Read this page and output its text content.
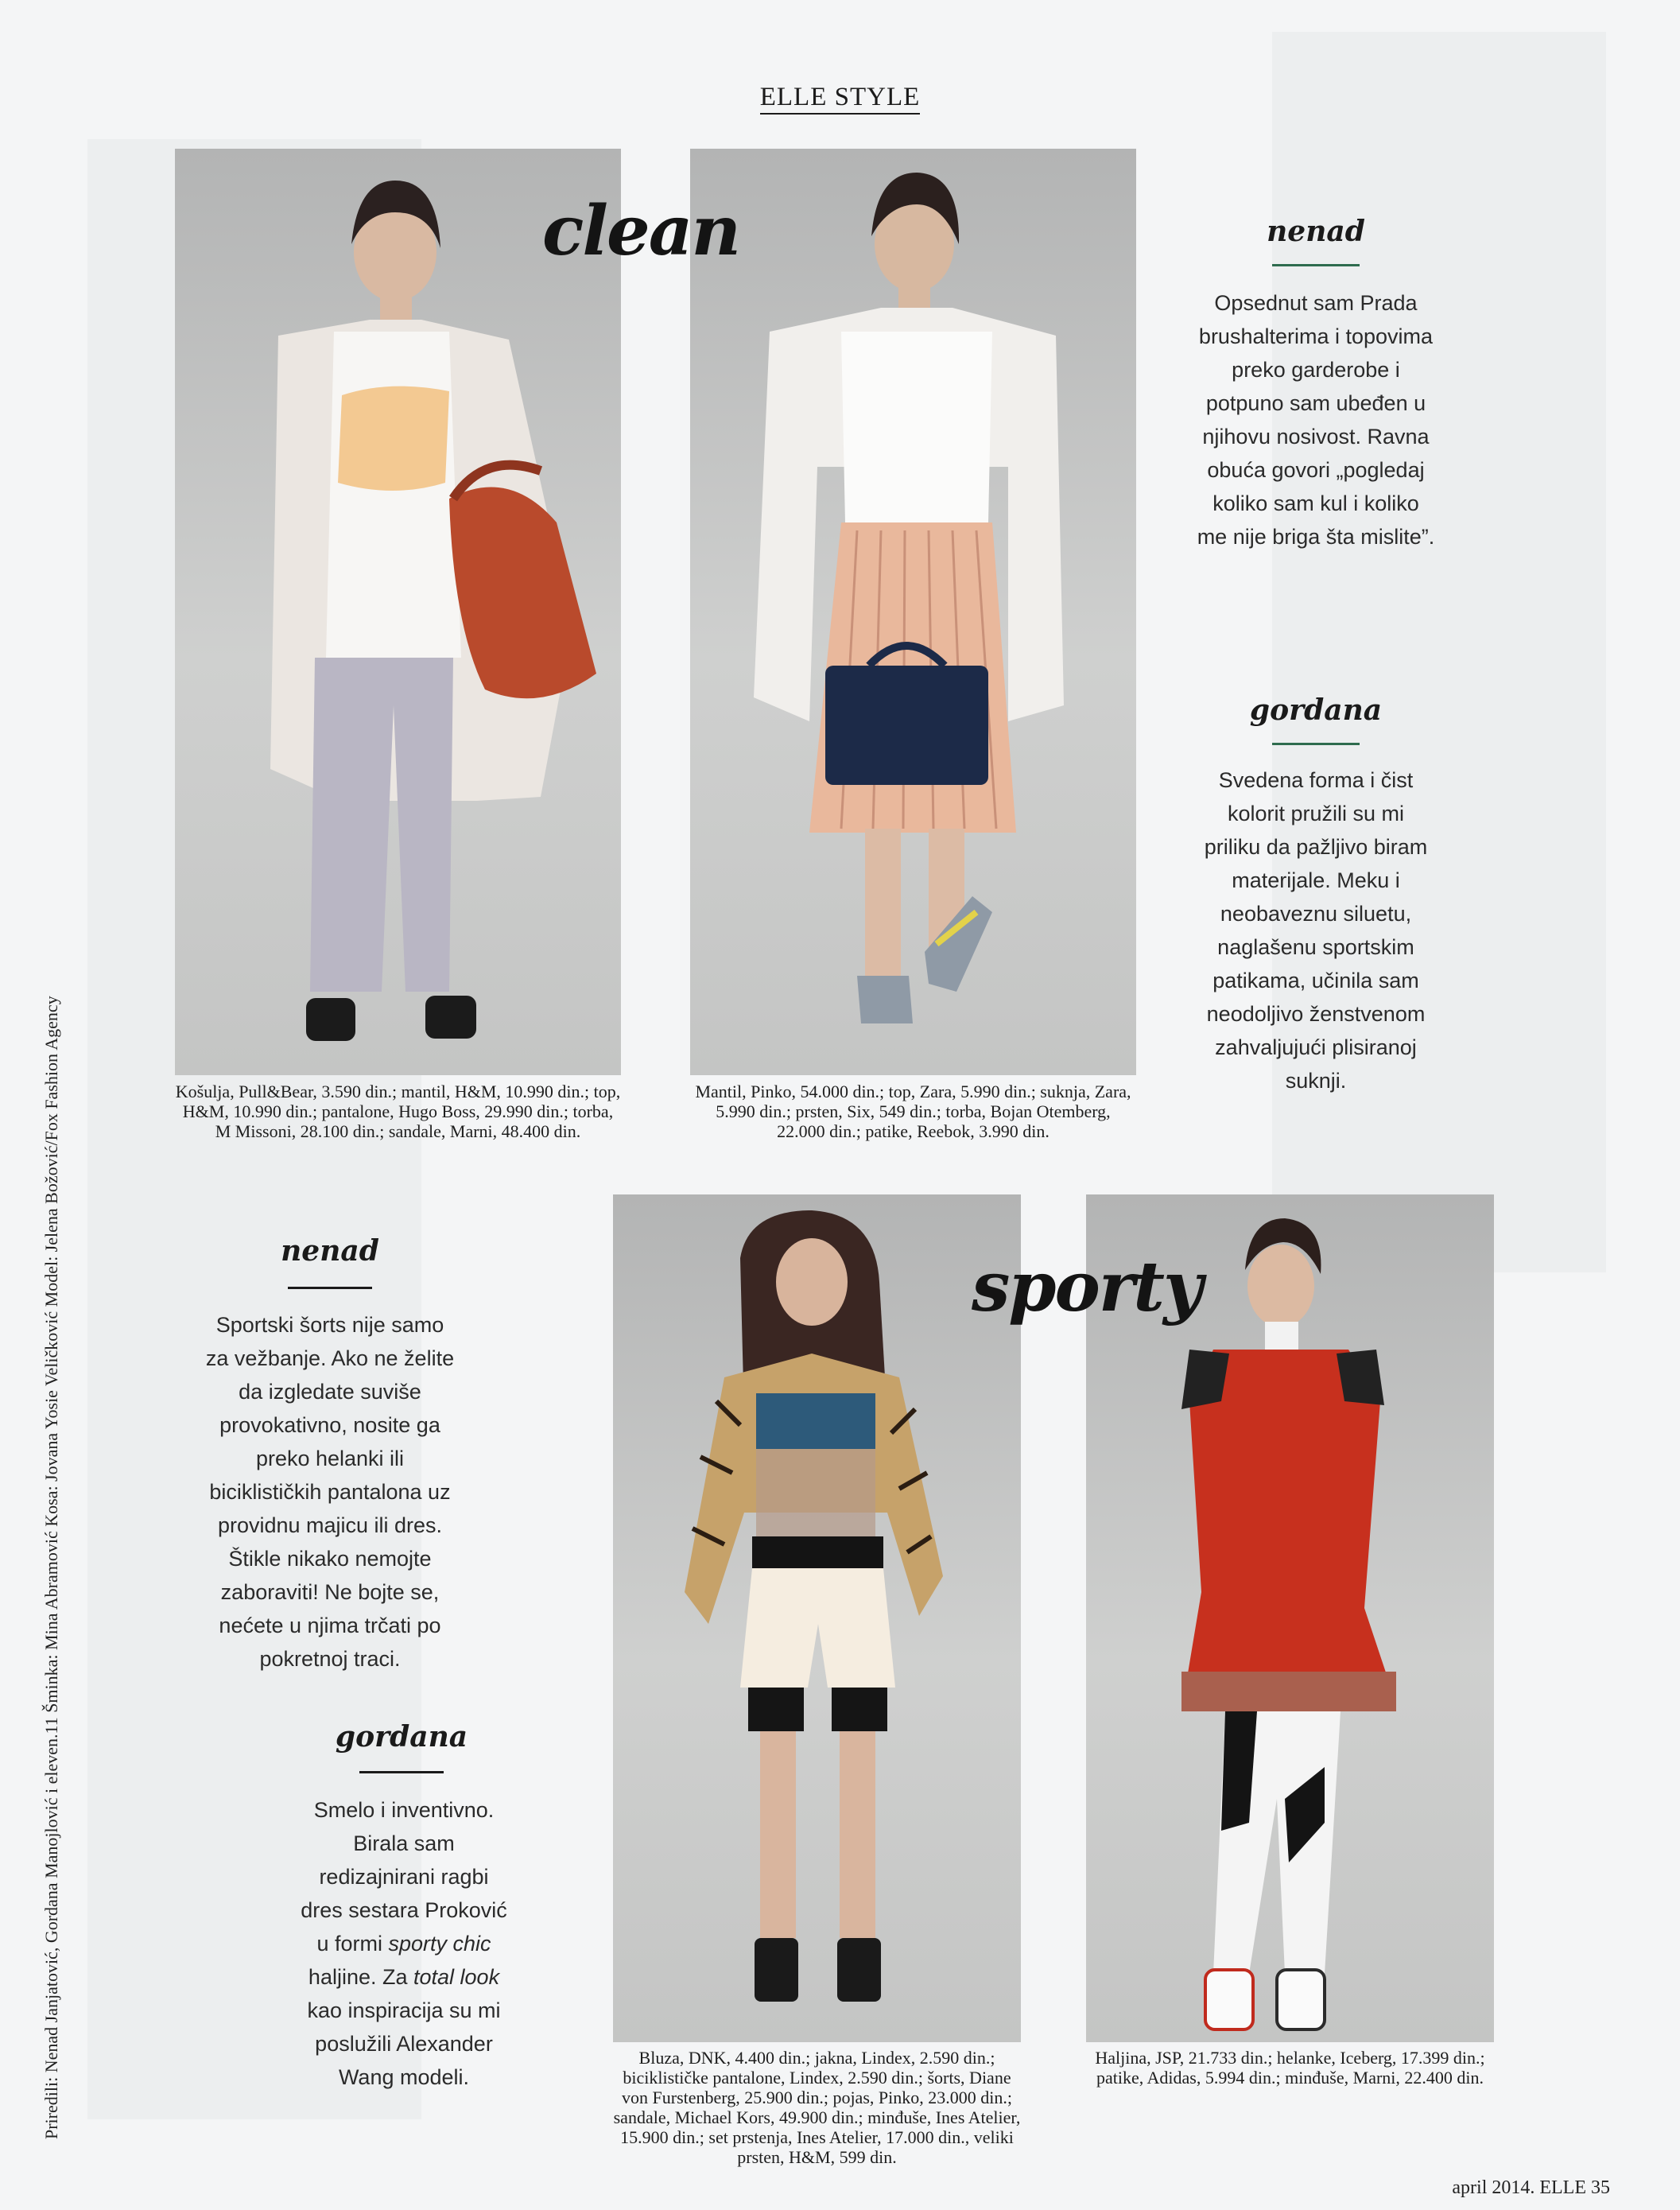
ELLE STYLE
clean
sporty
Košulja, Pull&Bear, 3.590 din.; mantil, H&M, 10.990 din.; top, H&M, 10.990 din.; pantalone, Hugo Boss, 29.990 din.; torba, M Missoni, 28.100 din.; sandale, Marni, 48.400 din.
Mantil, Pinko, 54.000 din.; top, Zara, 5.990 din.; suknja, Zara, 5.990 din.; prsten, Six, 549 din.; torba, Bojan Otemberg, 22.000 din.; patike, Reebok, 3.990 din.
Bluza, DNK, 4.400 din.; jakna, Lindex, 2.590 din.; biciklističke pantalone, Lindex, 2.590 din.; šorts, Diane von Furstenberg, 25.900 din.; pojas, Pinko, 23.000 din.; sandale, Michael Kors, 49.900 din.; minđuše, Ines Atelier, 15.900 din.; set prstenja, Ines Atelier, 17.000 din., veliki prsten, H&M, 599 din.
Haljina, JSP, 21.733 din.; helanke, Iceberg, 17.399 din.; patike, Adidas, 5.994 din.; minđuše, Marni, 22.400 din.
nenad
Opsednut sam Prada brushalterima i topovima preko garderobe i potpuno sam ubeđen u njihovu nosivost. Ravna obuća govori „pogledaj koliko sam kul i koliko me nije briga šta mislite”.
gordana
Svedena forma i čist kolorit pružili su mi priliku da pažljivo biram materijale. Meku i neobaveznu siluetu, naglašenu sportskim patikama, učinila sam neodoljivo ženstvenom zahvaljujući plisiranoj suknji.
nenad
Sportski šorts nije samo za vežbanje. Ako ne želite da izgledate suviše provokativno, nosite ga preko helanki ili biciklističkih pantalona uz providnu majicu ili dres. Štikle nikako nemojte zaboraviti! Ne bojte se, nećete u njima trčati po pokretnoj traci.
gordana
Smelo i inventivno. Birala sam redizajnirani ragbi dres sestara Proković u formi sporty chic haljine. Za total look kao inspiracija su mi poslužili Alexander Wang modeli.
Priredili: Nenad Janjatović, Gordana Manojlović i eleven.11 Šminka: Mina Abramović Kosa: Jovana Yosie Veličković Model: Jelena Božović/Fox Fashion Agency
april 2014. ELLE 35
